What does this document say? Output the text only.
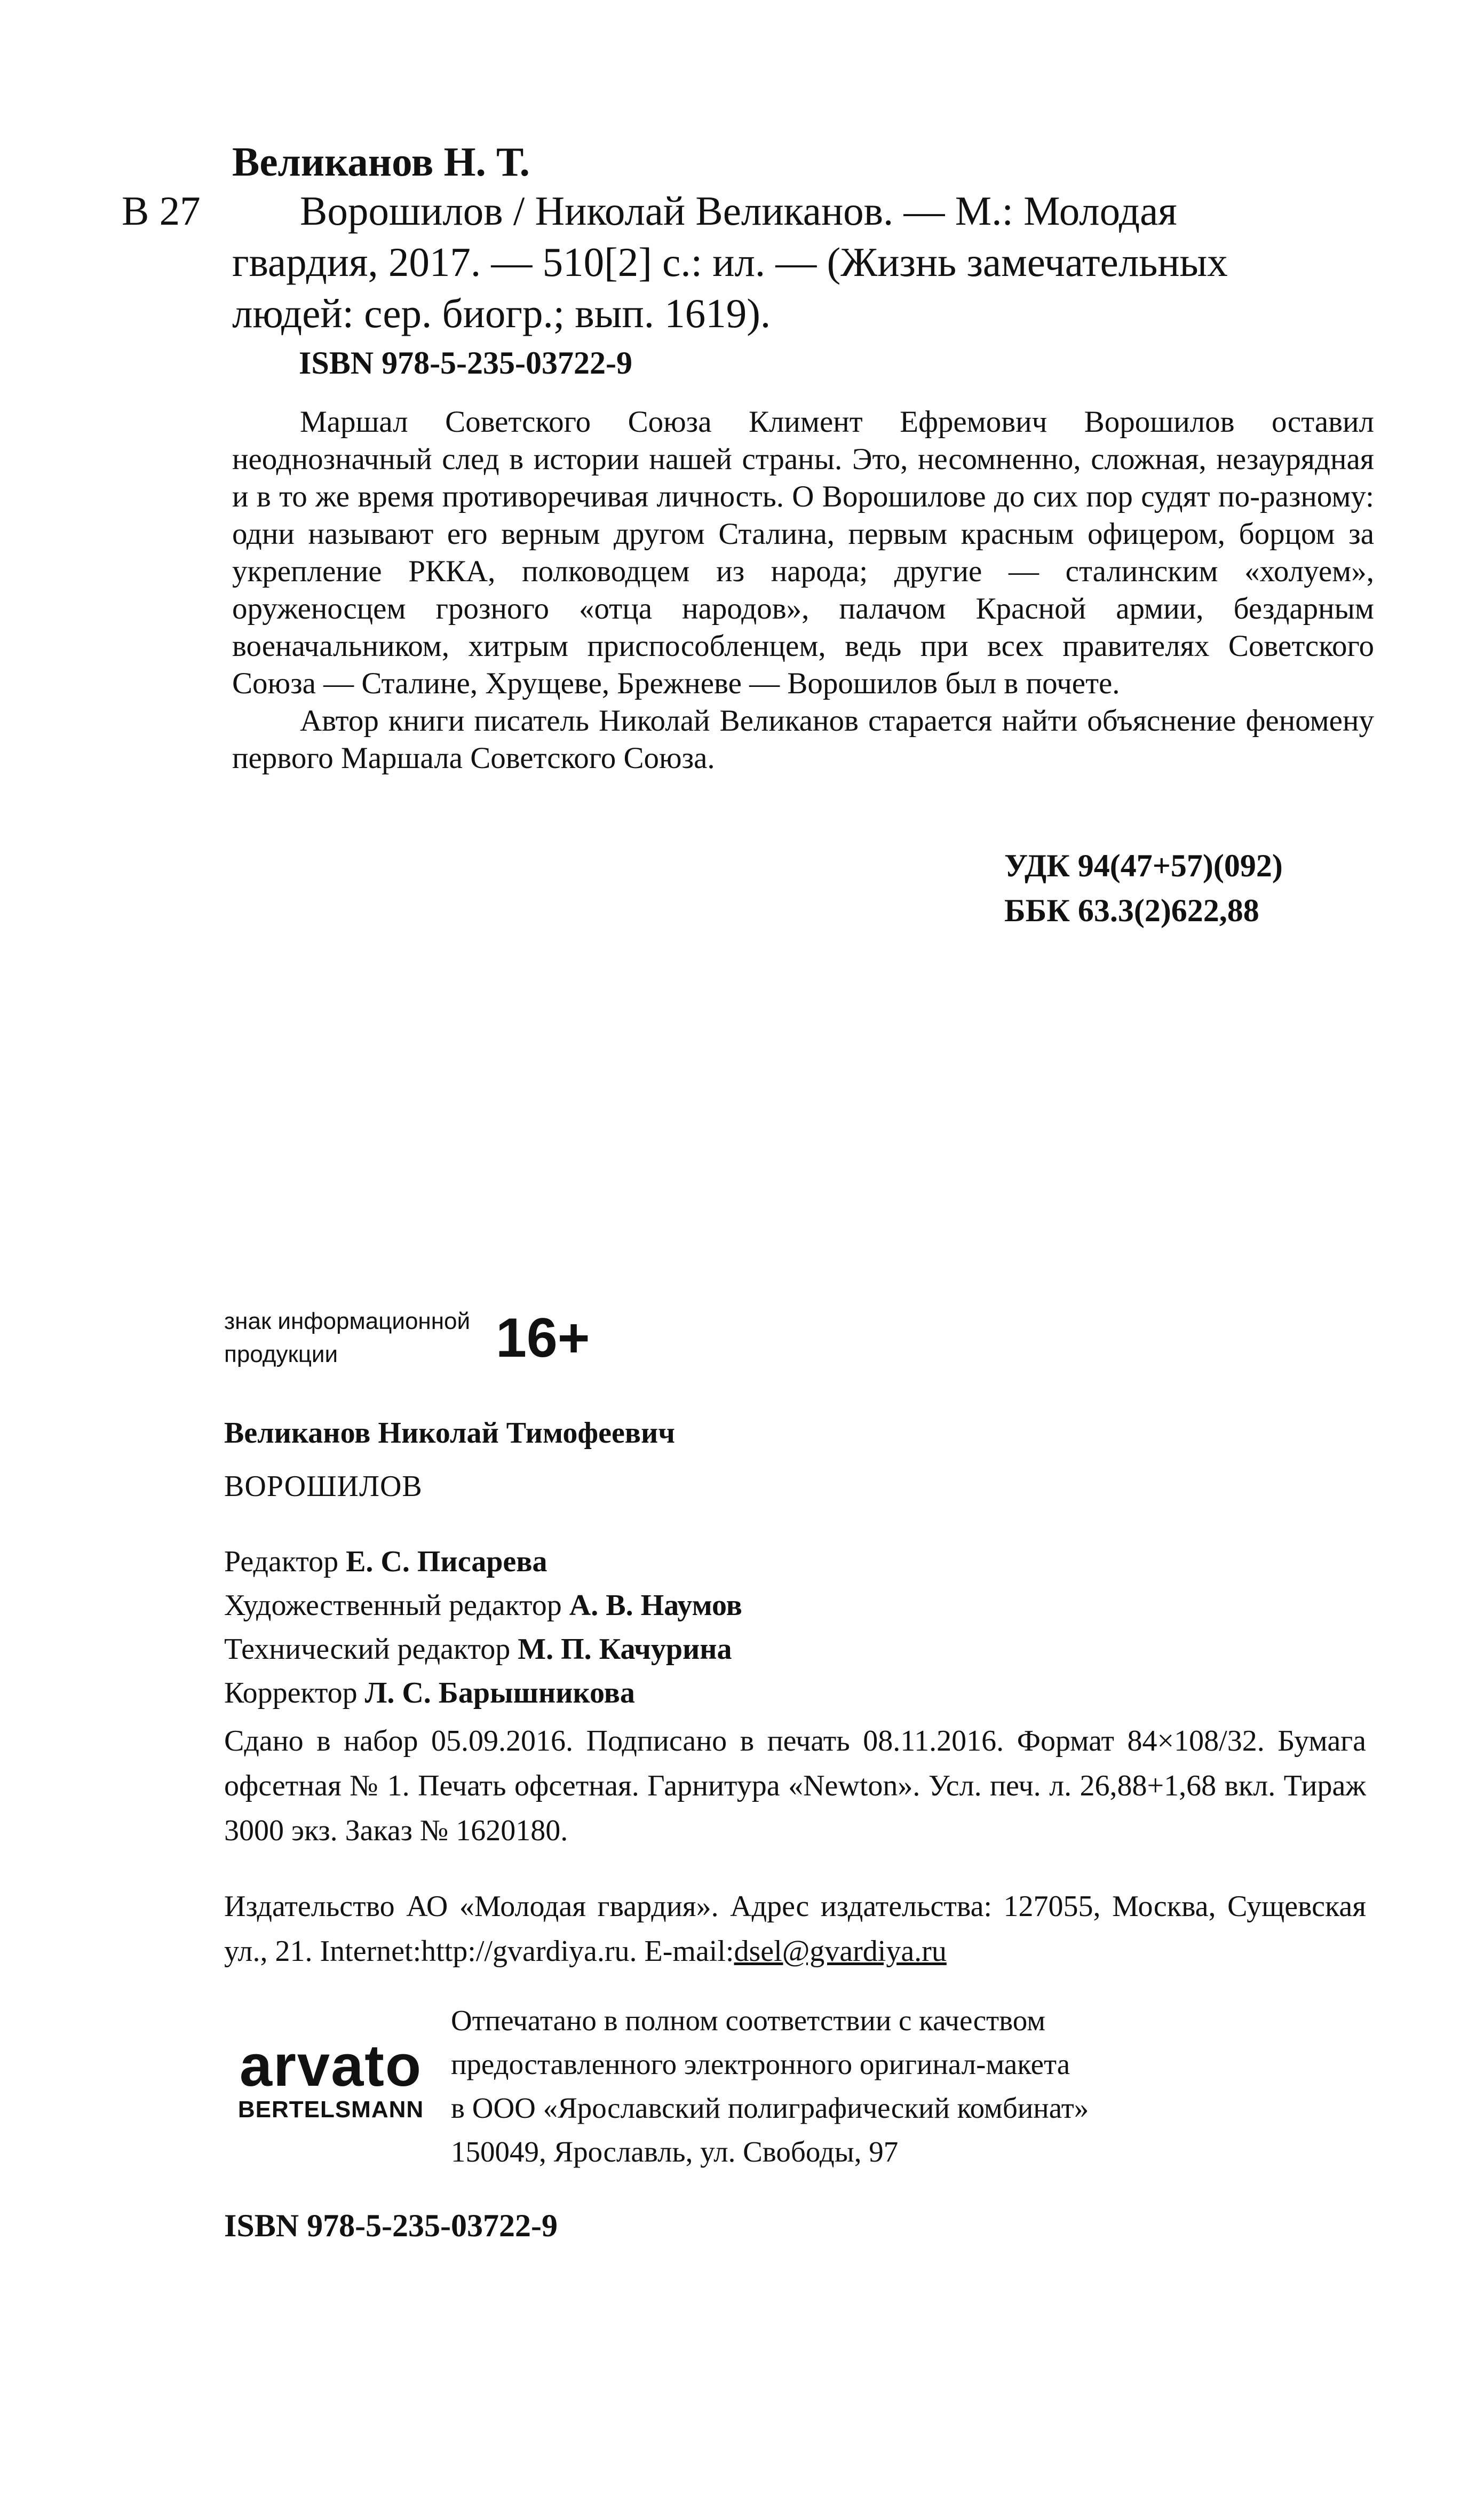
Великанов Н. Т.
В 27	Ворошилов / Николай Великанов. — М.: Молодая
гвардия, 2017. — 510[2] с.: ил. — (Жизнь замечательных
людей: сер. биогр.; вып. 1619).
ISBN 978-5-235-03722-9

Маршал Советского Союза Климент Ефремович Ворошилов оставил неоднозначный след в истории нашей страны. Это, несомненно, сложная, незаурядная и в то же время противоречивая личность. О Ворошилове до сих пор судят по-разному: одни называют его верным другом Сталина, первым красным офицером, борцом за укрепление РККА, полководцем из народа; другие — сталинским «холуем», оруженосцем грозного «отца народов», палачом Красной армии, бездарным военачальником, хитрым приспособленцем, ведь при всех правителях Советского Союза — Сталине, Хрущеве, Брежневе — Ворошилов был в почете.

Автор книги писатель Николай Великанов старается найти объяснение феномену первого Маршала Советского Союза.

УДК 94(47+57)(092)
ББК 63.3(2)622,88
знак информационной
продукции	16+
Великанов Николай Тимофеевич
ВОРОШИЛОВ
Редактор Е. С. Писарева
Художественный редактор А. В. Наумов
Технический редактор М. П. Качурина
Корректор Л. С. Барышникова
Сдано в набор 05.09.2016. Подписано в печать 08.11.2016. Формат 84×108/32. Бумага офсетная № 1. Печать офсетная. Гарнитура «Newton». Усл. печ. л. 26,88+1,68 вкл. Тираж 3000 экз. Заказ № 1620180.
Издательство АО «Молодая гвардия». Адрес издательства: 127055, Москва, Сущевская ул., 21. Internet:http://gvardiya.ru. E-mail:dsel@gvardiya.ru
arvato
BERTELSMANN
Отпечатано в полном соответствии с качеством
предоставленного электронного оригинал-макета
в ООО «Ярославский полиграфический комбинат»
150049, Ярославль, ул. Свободы, 97
ISBN 978-5-235-03722-9
